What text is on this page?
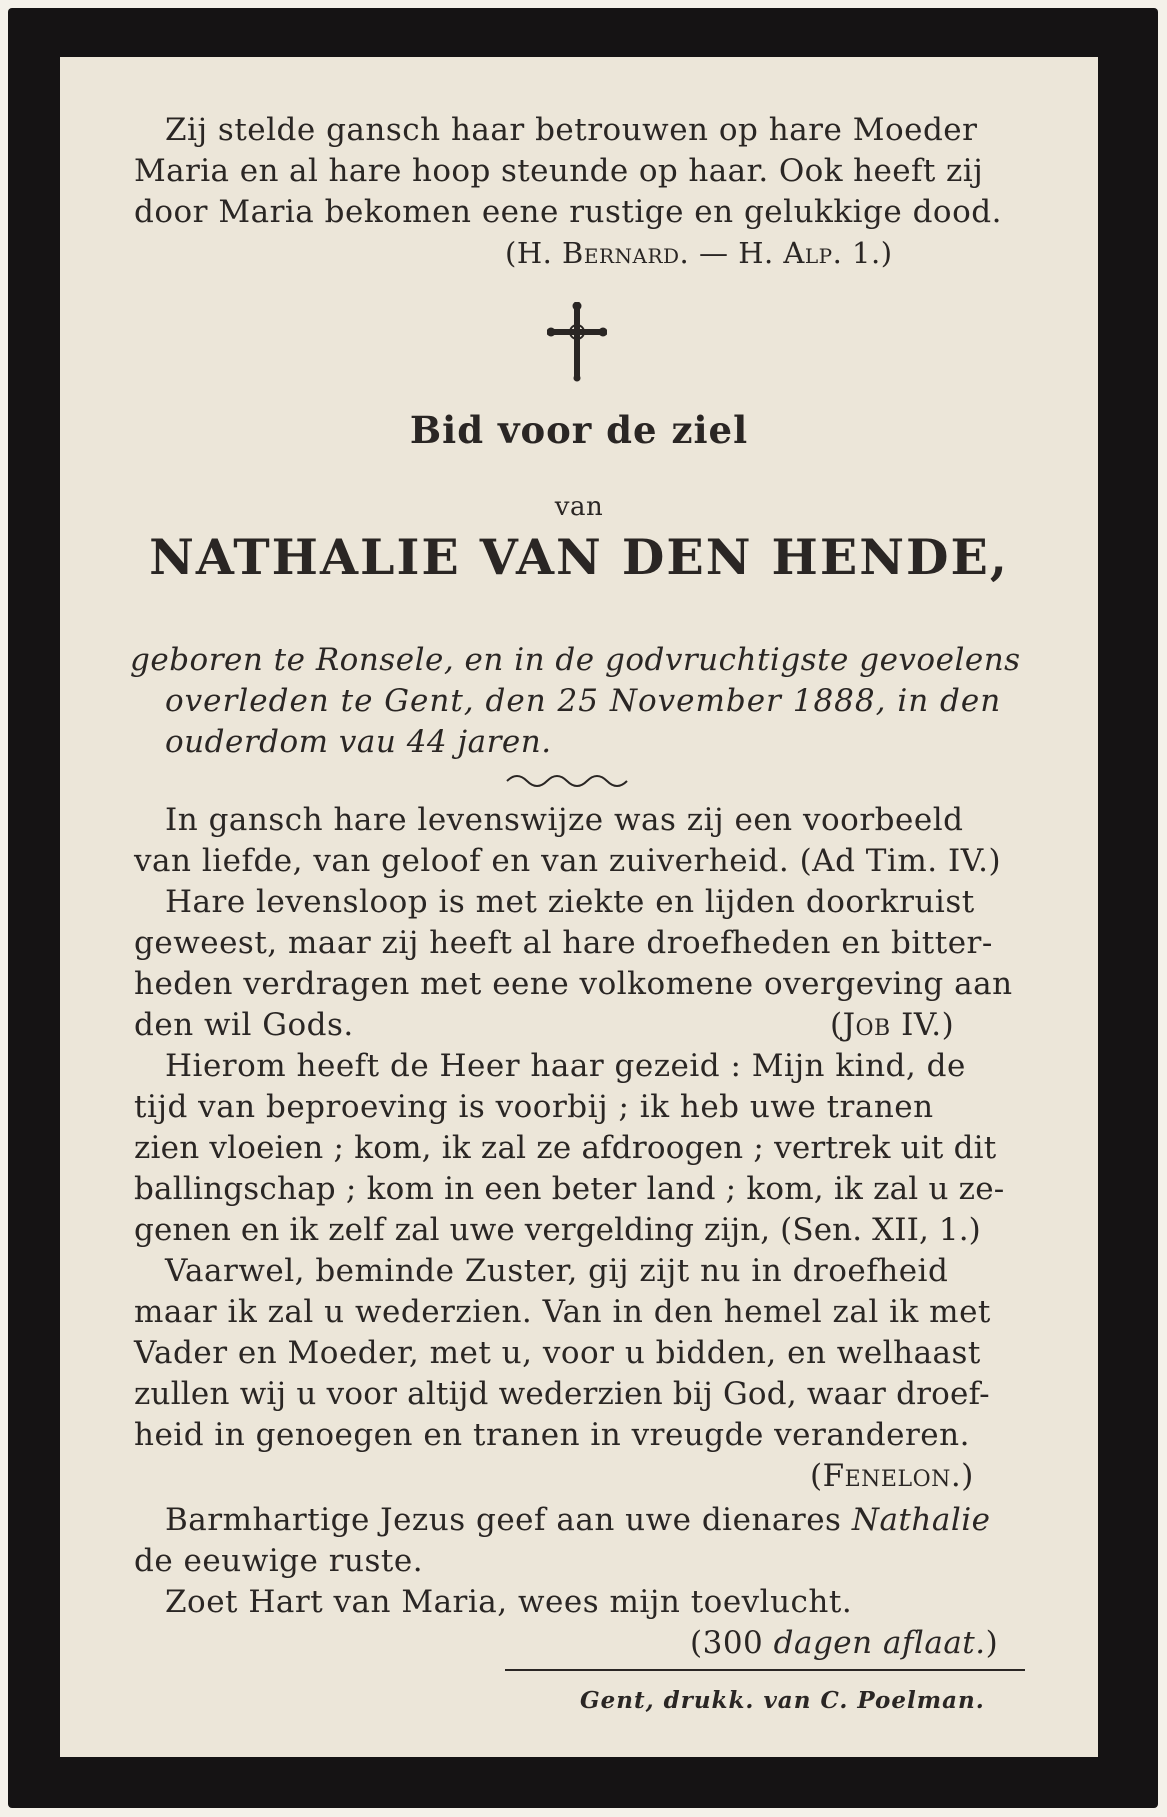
Zij stelde gansch haar betrouwen op hare Moeder
Maria en al hare hoop steunde op haar. Ook heeft zij
door Maria bekomen eene rustige en gelukkige dood.
(H. Bernard. — H. Alp. 1.)
Bid voor de ziel
van
NATHALIE VAN DEN HENDE,
geboren te Ronsele, en in de godvruchtigste gevoelens
overleden te Gent, den 25 November 1888, in den
ouderdom vau 44 jaren.
In gansch hare levenswijze was zij een voorbeeld
van liefde, van geloof en van zuiverheid. (Ad Tim. IV.)
Hare levensloop is met ziekte en lijden doorkruist
geweest, maar zij heeft al hare droefheden en bitter-
heden verdragen met eene volkomene overgeving aan
den wil Gods.	(Job IV.)
Hierom heeft de Heer haar gezeid : Mijn kind, de
tijd van beproeving is voorbij ; ik heb uwe tranen
zien vloeien ; kom, ik zal ze afdroogen ; vertrek uit dit
ballingschap ; kom in een beter land ; kom, ik zal u ze-
genen en ik zelf zal uwe vergelding zijn, (Sen. XII, 1.)
Vaarwel, beminde Zuster, gij zijt nu in droefheid
maar ik zal u wederzien. Van in den hemel zal ik met
Vader en Moeder, met u, voor u bidden, en welhaast
zullen wij u voor altijd wederzien bij God, waar droef-
heid in genoegen en tranen in vreugde veranderen.
(Fenelon.)
Barmhartige Jezus geef aan uwe dienares Nathalie
de eeuwige ruste.
Zoet Hart van Maria, wees mijn toevlucht.
(300 dagen aflaat.)
Gent, drukk. van C. Poelman.
